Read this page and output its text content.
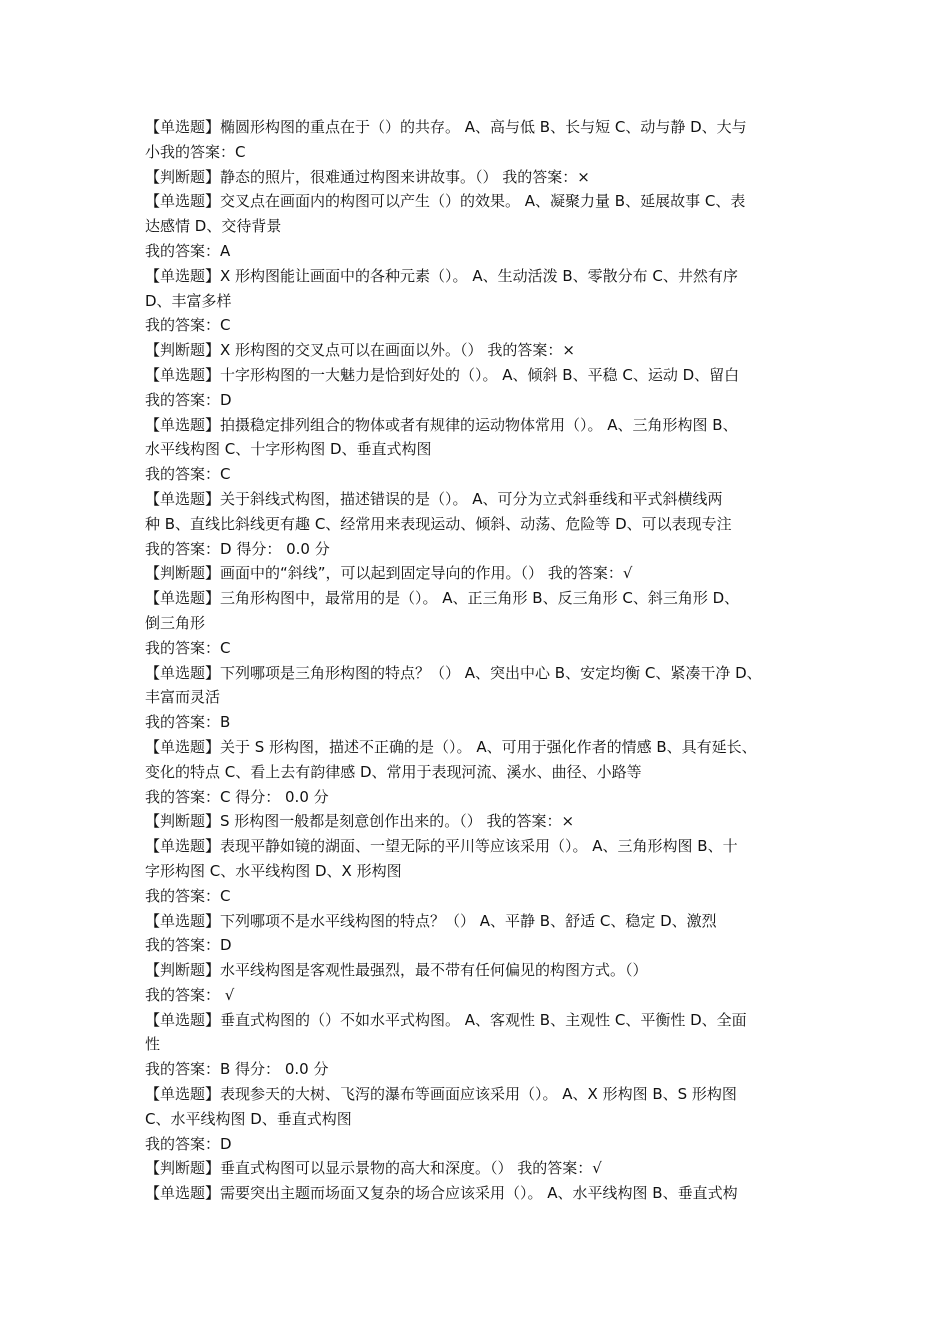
【单选题】椭圆形构图的重点在于（）的共存。 A、高与低 B、长与短 C、动与静 D、大与
小我的答案：C
【判断题】静态的照片，很难通过构图来讲故事。（） 我的答案：×
【单选题】交叉点在画面内的构图可以产生（）的效果。 A、凝聚力量 B、延展故事 C、表
达感情 D、交待背景
我的答案：A
【单选题】X 形构图能让画面中的各种元素（）。 A、生动活泼 B、零散分布 C、井然有序
D、丰富多样
我的答案：C
【判断题】X 形构图的交叉点可以在画面以外。（） 我的答案：×
【单选题】十字形构图的一大魅力是恰到好处的（）。 A、倾斜 B、平稳 C、运动 D、留白
我的答案：D
【单选题】拍摄稳定排列组合的物体或者有规律的运动物体常用（）。 A、三角形构图 B、
水平线构图 C、十字形构图 D、垂直式构图
我的答案：C
【单选题】关于斜线式构图，描述错误的是（）。 A、可分为立式斜垂线和平式斜横线两
种 B、直线比斜线更有趣 C、经常用来表现运动、倾斜、动荡、危险等 D、可以表现专注
我的答案：D 得分： 0.0 分
【判断题】画面中的“斜线”，可以起到固定导向的作用。（） 我的答案：√
【单选题】三角形构图中，最常用的是（）。 A、正三角形 B、反三角形 C、斜三角形 D、
倒三角形
我的答案：C
【单选题】下列哪项是三角形构图的特点？（） A、突出中心 B、安定均衡 C、紧凑干净 D、
丰富而灵活
我的答案：B
【单选题】关于 S 形构图，描述不正确的是（）。 A、可用于强化作者的情感 B、具有延长、
变化的特点 C、看上去有韵律感 D、常用于表现河流、溪水、曲径、小路等
我的答案：C 得分： 0.0 分
【判断题】S 形构图一般都是刻意创作出来的。（） 我的答案：×
【单选题】表现平静如镜的湖面、一望无际的平川等应该采用（）。 A、三角形构图 B、十
字形构图 C、水平线构图 D、X 形构图
我的答案：C
【单选题】下列哪项不是水平线构图的特点？（） A、平静 B、舒适 C、稳定 D、激烈
我的答案：D
【判断题】水平线构图是客观性最强烈，最不带有任何偏见的构图方式。（）
我的答案： √
【单选题】垂直式构图的（）不如水平式构图。 A、客观性 B、主观性 C、平衡性 D、全面
性
我的答案：B 得分： 0.0 分
【单选题】表现参天的大树、飞泻的瀑布等画面应该采用（）。 A、X 形构图 B、S 形构图
C、水平线构图 D、垂直式构图
我的答案：D
【判断题】垂直式构图可以显示景物的高大和深度。（） 我的答案：√
【单选题】需要突出主题而场面又复杂的场合应该采用（）。 A、水平线构图 B、垂直式构
